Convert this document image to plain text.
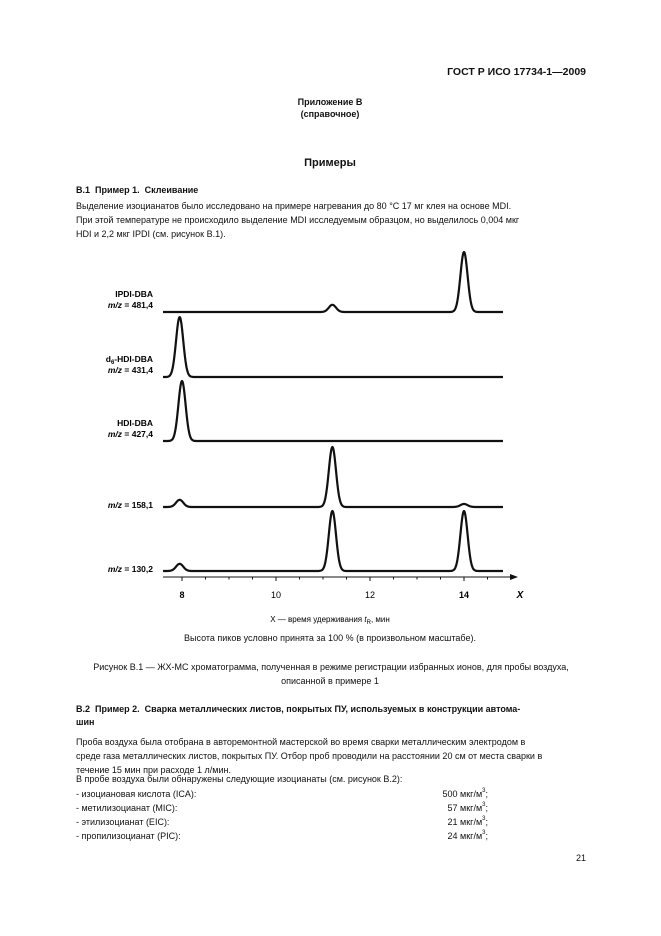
ГОСТ Р ИСО 17734-1—2009
Приложение В
(справочное)
Примеры
В.1  Пример 1.  Склеивание
Выделение изоцианатов было исследовано на примере нагревания до 80 °С 17 мг клея на основе MDI.
При этой температуре не происходило выделение MDI исследуемым образцом, но выделилось 0,004 мкг
HDI и 2,2 мкг IPDI (см. рисунок В.1).
IPDI-DBA
m/z = 481,4
$d_6-HDI$-DBA
m/z = 431,4
HDI-DBA
m/z = 427,4
m/z = 158,1
m/z = 130,2
8	10	12	14	X
X — время удерживания $t_R$, мин
Высота пиков условно принята за 100 % (в произвольном масштабе).
Рисунок В.1 — ЖХ-МС хроматограмма, полученная в режиме регистрации избранных ионов, для пробы воздуха,
описанной в примере 1
В.2  Пример 2.  Сварка металлических листов, покрытых ПУ, используемых в конструкции автома-
шин
Проба воздуха была отобрана в авторемонтной мастерской во время сварки металлическим электродом в
среде газа металлических листов, покрытых ПУ. Отбор проб проводили на расстоянии 20 см от места сварки в
течение 15 мин при расходе 1 л/мин.
В пробе воздуха были обнаружены следующие изоцианаты (см. рисунок В.2):
- изоциановая кислота (ICA):	500 мкг/$м^3$;
- метилизоцианат (MIC):	57 мкг/$м^3$;
- этилизоцианат (EIC):	21 мкг/$м^3$;
- пропилизоцианат (PIC):	24 мкг/$м^3$;
21
